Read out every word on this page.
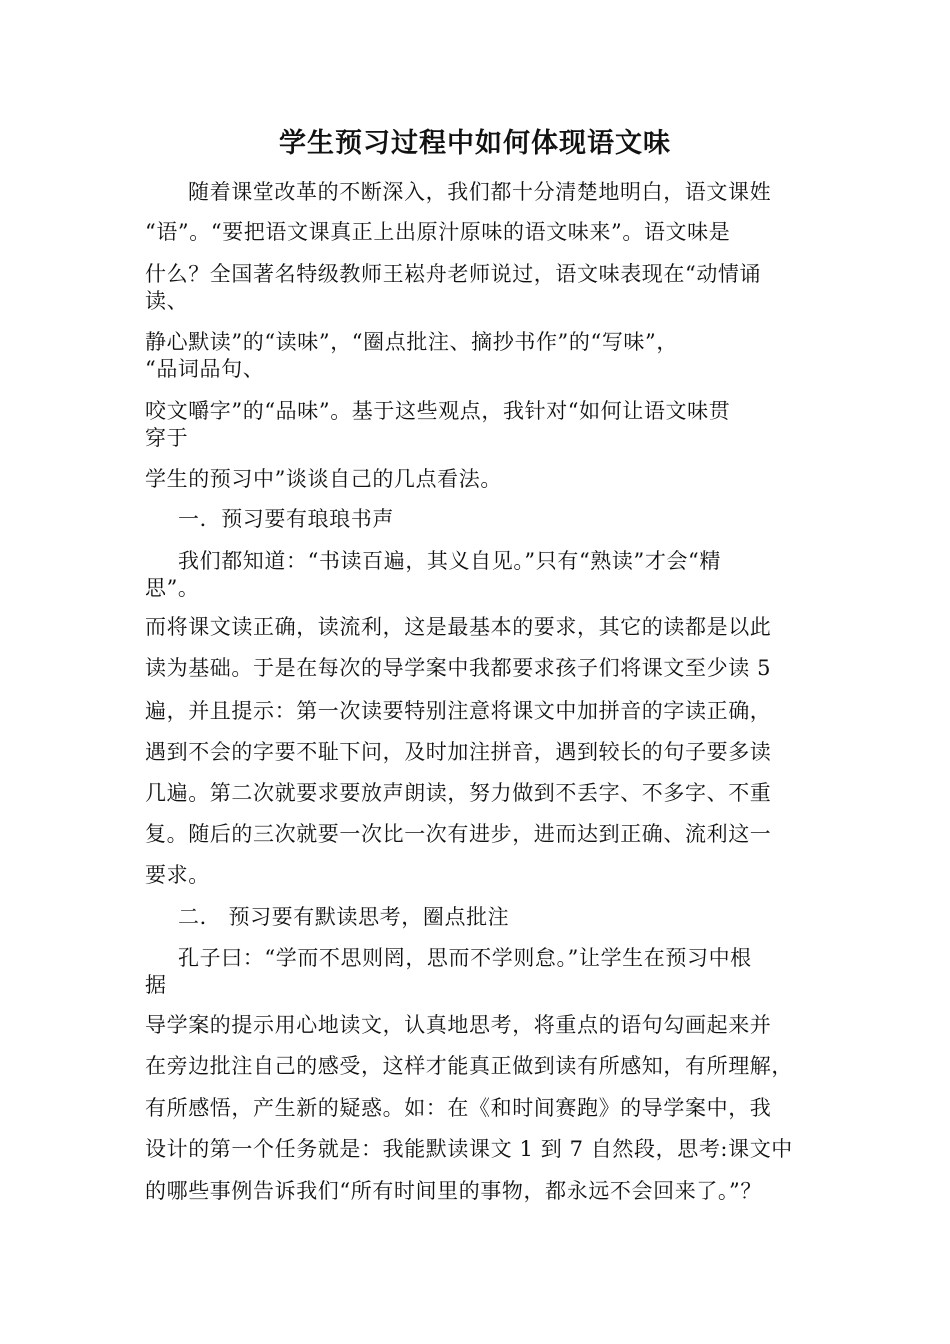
学生预习过程中如何体现语文味
随着课堂改革的不断深入，我们都十分清楚地明白，语文课姓
“语”。“要把语文课真正上出原汁原味的语文味来”。语文味是
什么？全国著名特级教师王崧舟老师说过，语文味表现在“动情诵
读、
静心默读”的“读味”，“圈点批注、摘抄书作”的“写味”，
“品词品句、
咬文嚼字”的“品味”。基于这些观点，我针对“如何让语文味贯
穿于
学生的预习中”谈谈自己的几点看法。
一．预习要有琅琅书声
我们都知道：“书读百遍，其义自见。”只有“熟读”才会“精
思”。
而将课文读正确，读流利，这是最基本的要求，其它的读都是以此
读为基础。于是在每次的导学案中我都要求孩子们将课文至少读 5
遍，并且提示：第一次读要特别注意将课文中加拼音的字读正确，
遇到不会的字要不耻下问，及时加注拼音，遇到较长的句子要多读
几遍。第二次就要求要放声朗读，努力做到不丢字、不多字、不重
复。随后的三次就要一次比一次有进步，进而达到正确、流利这一
要求。
二． 预习要有默读思考，圈点批注
孔子曰：“学而不思则罔，思而不学则怠。”让学生在预习中根
据
导学案的提示用心地读文，认真地思考，将重点的语句勾画起来并
在旁边批注自己的感受，这样才能真正做到读有所感知，有所理解，
有所感悟，产生新的疑惑。如：在《和时间赛跑》的导学案中，我
设计的第一个任务就是：我能默读课文 1 到 7 自然段，思考:课文中
的哪些事例告诉我们“所有时间里的事物，都永远不会回来了。”？
